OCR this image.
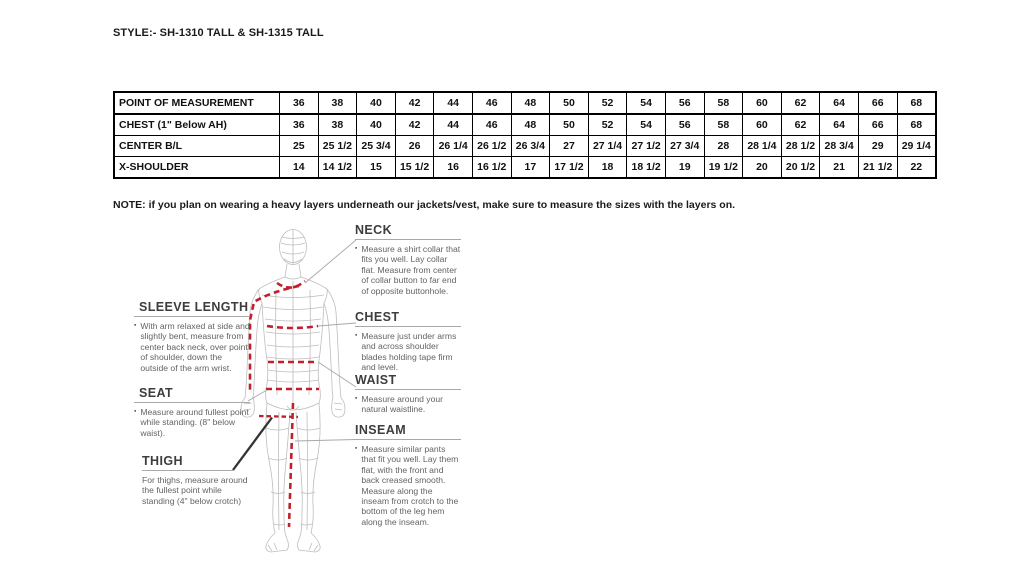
STYLE:- SH-1310 TALL & SH-1315 TALL
POINT OF MEASUREMENT	36	38	40	42	44	46	48	50	52	54	56	58	60	62	64	66	68
CHEST (1" Below AH)	36	38	40	42	44	46	48	50	52	54	56	58	60	62	64	66	68
CENTER B/L	25	25 1/2	25 3/4	26	26 1/4	26 1/2	26 3/4	27	27 1/4	27 1/2	27 3/4	28	28 1/4	28 1/2	28 3/4	29	29 1/4
X-SHOULDER	14	14 1/2	15	15 1/2	16	16 1/2	17	17 1/2	18	18 1/2	19	19 1/2	20	20 1/2	21	21 1/2	22
NOTE: if you plan on wearing a heavy layers underneath our jackets/vest, make sure to measure the sizes with the layers on.
SLEEVE LENGTH
▪ With arm relaxed at side and slightly bent, measure from center back neck, over point of shoulder, down the outside of the arm wrist.
SEAT
▪ Measure around fullest point while standing. (8" below waist).
THIGH
For thighs, measure around the fullest point while standing (4" below crotch)
NECK
▪ Measure a shirt collar that fits you well. Lay collar flat. Measure from center of collar button to far end of opposite buttonhole.
CHEST
▪ Measure just under arms and across shoulder blades holding tape firm and level.
WAIST
▪ Measure around your natural waistline.
INSEAM
▪ Measure similar pants that fit you well. Lay them flat, with the front and back creased smooth. Measure along the inseam from crotch to the bottom of the leg hem along the inseam.
